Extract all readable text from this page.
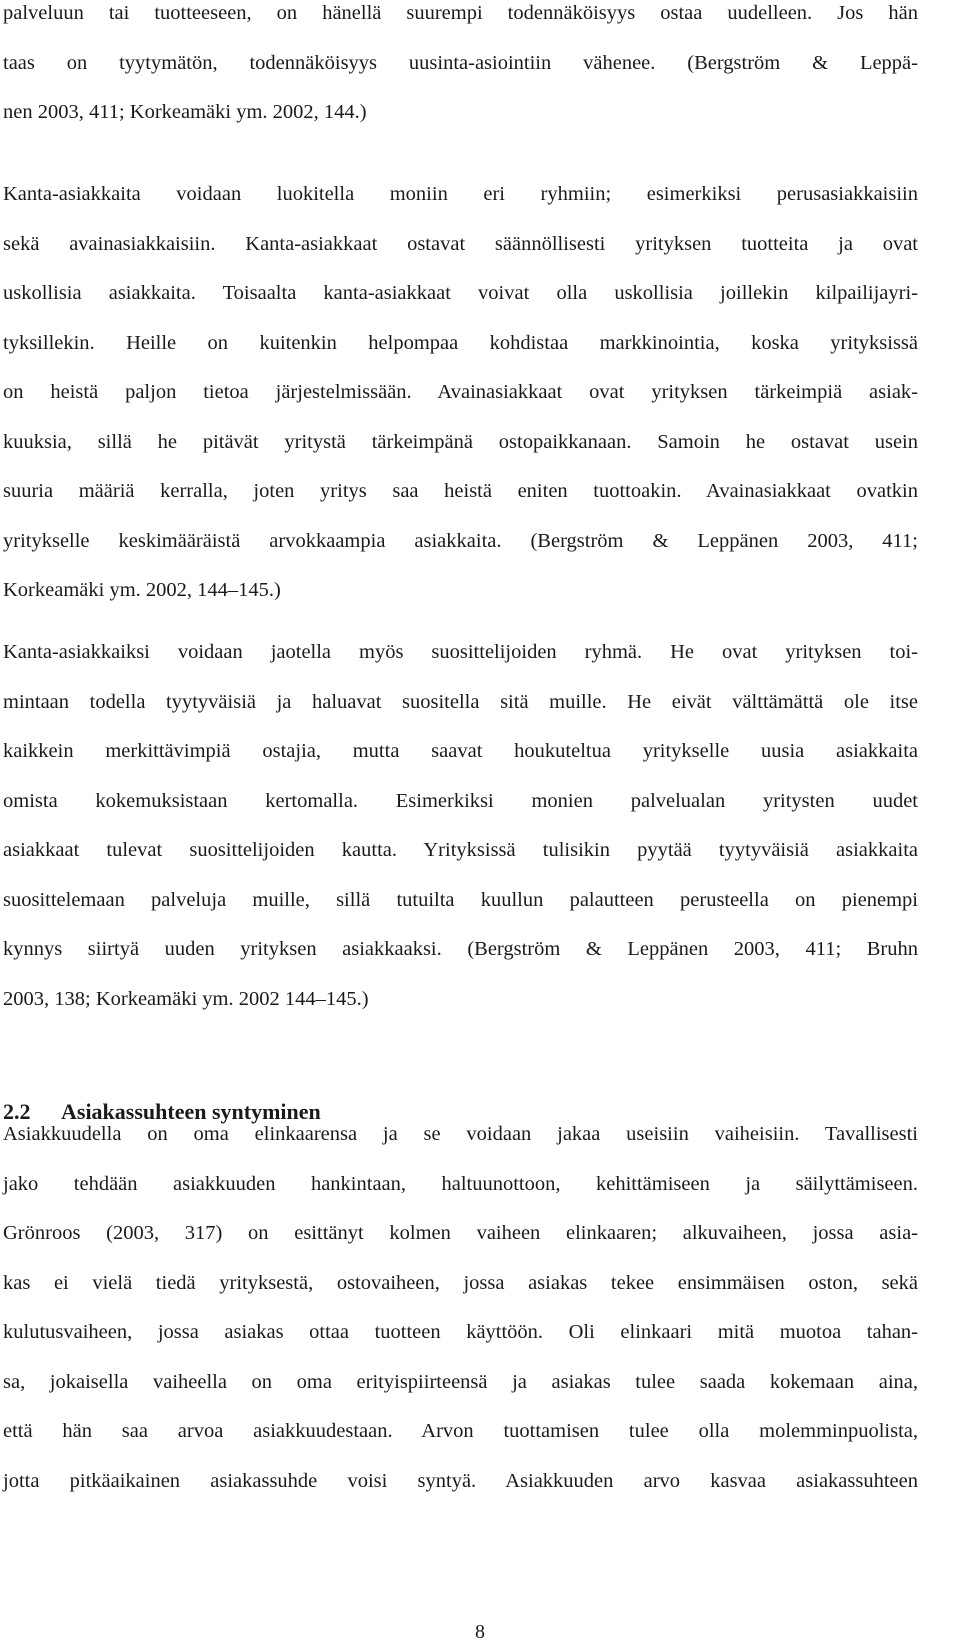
palveluun tai tuotteeseen, on hänellä suurempi todennäköisyys ostaa uudelleen. Jos hän
taas on tyytymätön, todennäköisyys uusinta-asiointiin vähenee. (Bergström & Leppä-
nen 2003, 411; Korkeamäki ym. 2002, 144.)
Kanta-asiakkaita voidaan luokitella moniin eri ryhmiin; esimerkiksi perusasiakkaisiin
sekä avainasiakkaisiin. Kanta-asiakkaat ostavat säännöllisesti yrityksen tuotteita ja ovat
uskollisia asiakkaita. Toisaalta kanta-asiakkaat voivat olla uskollisia joillekin kilpailijayri-
tyksillekin. Heille on kuitenkin helpompaa kohdistaa markkinointia, koska yrityksissä
on heistä paljon tietoa järjestelmissään. Avainasiakkaat ovat yrityksen tärkeimpiä asiak-
kuuksia, sillä he pitävät yritystä tärkeimpänä ostopaikkanaan. Samoin he ostavat usein
suuria määriä kerralla, joten yritys saa heistä eniten tuottoakin. Avainasiakkaat ovatkin
yritykselle keskimääräistä arvokkaampia asiakkaita. (Bergström & Leppänen 2003, 411;
Korkeamäki ym. 2002, 144–145.)
Kanta-asiakkaiksi voidaan jaotella myös suosittelijoiden ryhmä. He ovat yrityksen toi-
mintaan todella tyytyväisiä ja haluavat suositella sitä muille. He eivät välttämättä ole itse
kaikkein merkittävimpiä ostajia, mutta saavat houkuteltua yritykselle uusia asiakkaita
omista kokemuksistaan kertomalla. Esimerkiksi monien palvelualan yritysten uudet
asiakkaat tulevat suosittelijoiden kautta. Yrityksissä tulisikin pyytää tyytyväisiä asiakkaita
suosittelemaan palveluja muille, sillä tutuilta kuullun palautteen perusteella on pienempi
kynnys siirtyä uuden yrityksen asiakkaaksi. (Bergström & Leppänen 2003, 411; Bruhn
2003, 138; Korkeamäki ym. 2002 144–145.)
2.2 Asiakassuhteen syntyminen
Asiakkuudella on oma elinkaarensa ja se voidaan jakaa useisiin vaiheisiin. Tavallisesti
jako tehdään asiakkuuden hankintaan, haltuunottoon, kehittämiseen ja säilyttämiseen.
Grönroos (2003, 317) on esittänyt kolmen vaiheen elinkaaren; alkuvaiheen, jossa asia-
kas ei vielä tiedä yrityksestä, ostovaiheen, jossa asiakas tekee ensimmäisen oston, sekä
kulutusvaiheen, jossa asiakas ottaa tuotteen käyttöön. Oli elinkaari mitä muotoa tahan-
sa, jokaisella vaiheella on oma erityispiirteensä ja asiakas tulee saada kokemaan aina,
että hän saa arvoa asiakkuudestaan. Arvon tuottamisen tulee olla molemminpuolista,
jotta pitkäaikainen asiakassuhde voisi syntyä. Asiakkuuden arvo kasvaa asiakassuhteen
8
